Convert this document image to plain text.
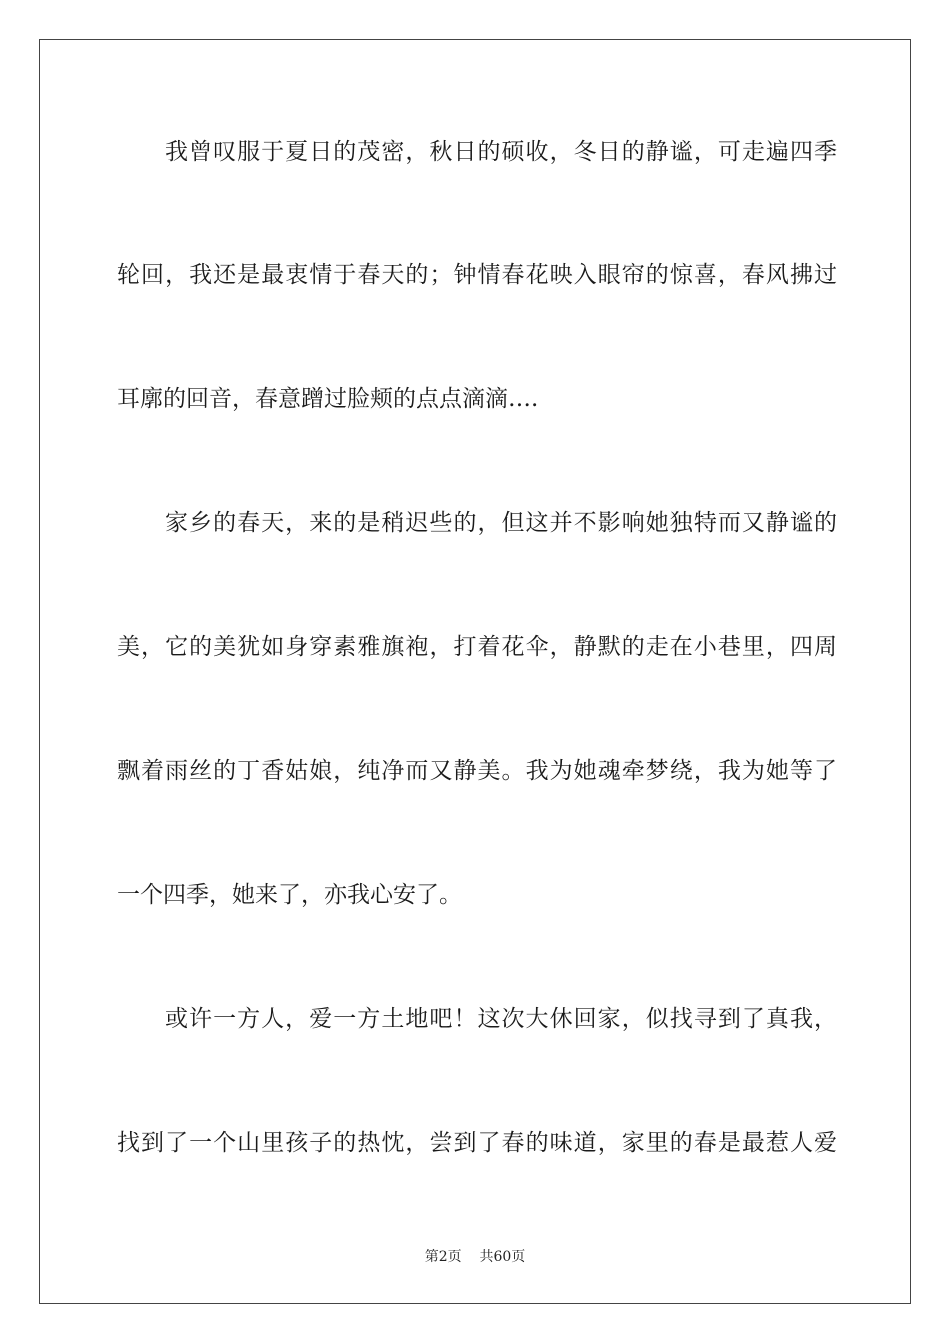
我曾叹服于夏日的茂密，秋日的硕收，冬日的静谧，可走遍四季
轮回，我还是最衷情于春天的；钟情春花映入眼帘的惊喜，春风拂过
耳廓的回音，春意蹭过脸颊的点点滴滴….
家乡的春天，来的是稍迟些的，但这并不影响她独特而又静谧的
美，它的美犹如身穿素雅旗袍，打着花伞，静默的走在小巷里，四周
飘着雨丝的丁香姑娘，纯净而又静美。我为她魂牵梦绕，我为她等了
一个四季，她来了，亦我心安了。
或许一方人，爱一方土地吧！这次大休回家，似找寻到了真我，
找到了一个山里孩子的热忱，尝到了春的味道，家里的春是最惹人爱
第2页 共60页
